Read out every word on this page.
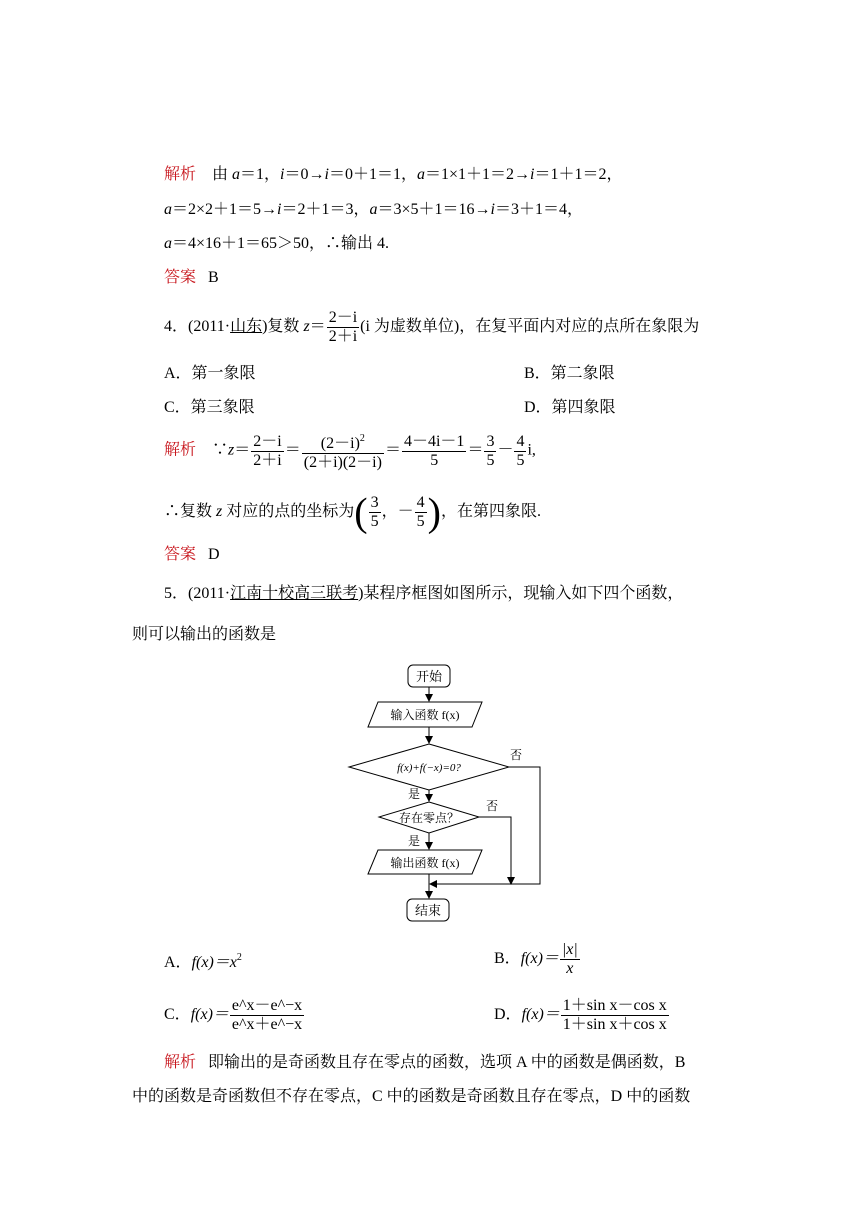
解析 由 a＝1，i＝0→i＝0＋1＝1，a＝1×1＋1＝2→i＝1＋1＝2，
a＝2×2＋1＝5→i＝2＋1＝3，a＝3×5＋1＝16→i＝3＋1＝4，
a＝4×16＋1＝65＞50，∴输出 4.
答案 B
4．(2011·山东)复数 $z= \frac{2-i}{2+i} (i$ 为虚数单位)，在复平面内对应的点所在象限为
A．第一象限	B．第二象限
C．第三象限	D．第四象限
解析 ∵z＝ $\frac{2-i}{2+i} = \frac{(2-i)^2}{(2+i)(2-i)} = \frac{4-4i-1}{5} = \frac{3}{5} - \frac{4}{5} i$,
∴复数 z 对应的点的坐标为( $\frac{3}{5}$ ，－ $\frac{4}{5}$ )，在第四象限.
答案 D
5．(2011·江南十校高三联考)某程序框图如图所示，现输入如下四个函数，
则可以输出的函数是
开始
输入函数 f(x)
f(x)+f(−x)=0?
存在零点？
输出函数 f(x)
结束
否
是
否
是
A．$f(x)=x^2$	B．$f(x)= \frac{|x|}{x}$
C．$f(x)= \frac{e\^{}x-e\^{}-x}{e\^{}x+e\^{}-x}$	D．$f(x)= \frac{\text{1＋sin x－cos x}}{\text{1＋sin x＋cos x}}$
解析 即输出的是奇函数且存在零点的函数，选项 A 中的函数是偶函数，B
中的函数是奇函数但不存在零点，C 中的函数是奇函数且存在零点，D 中的函数
